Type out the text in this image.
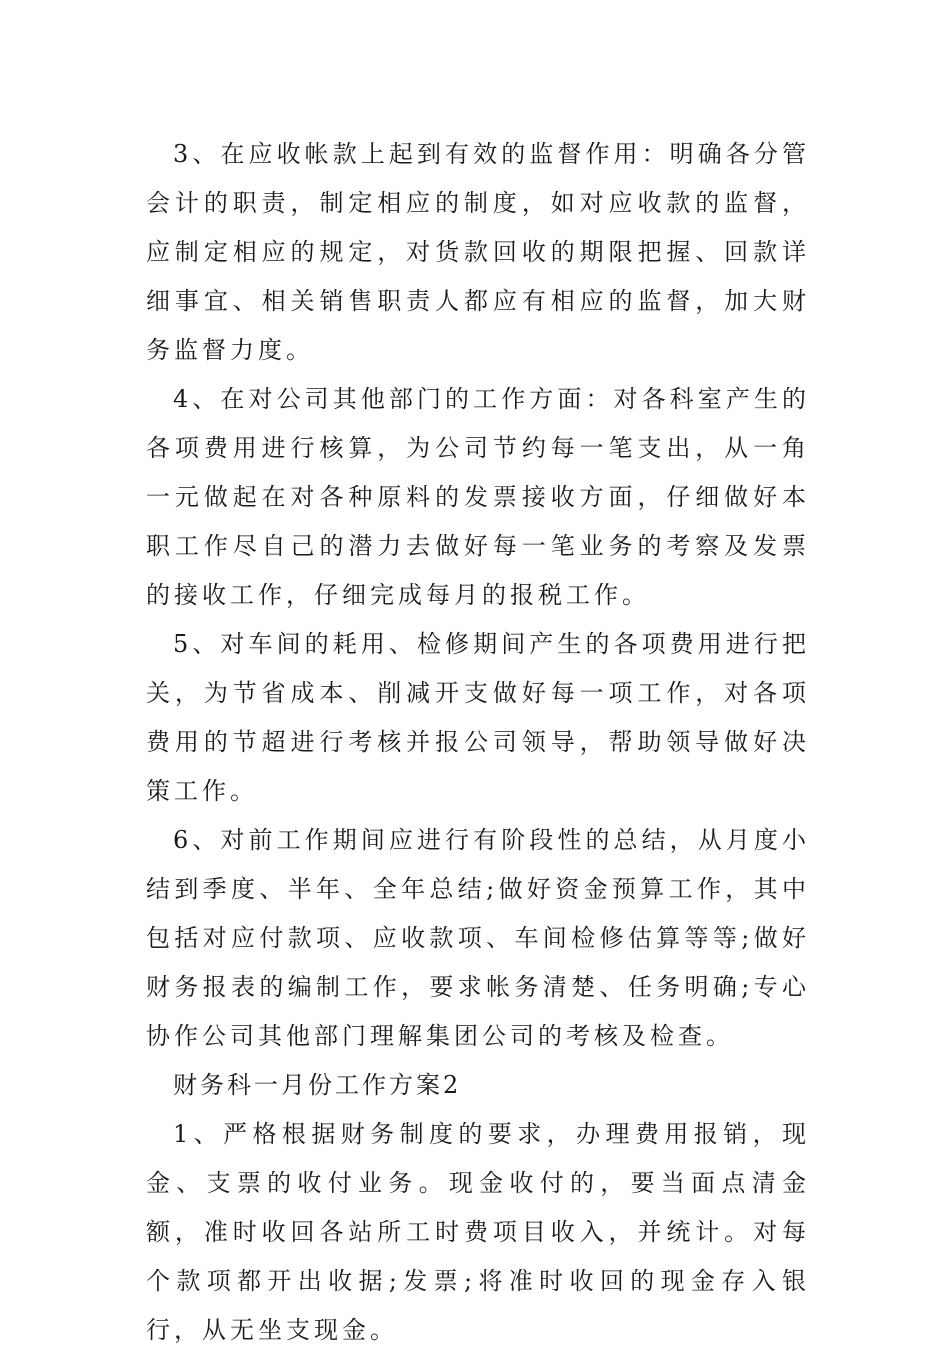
3、在应收帐款上起到有效的监督作用：明确各分管会计的职责，制定相应的制度，如对应收款的监督，应制定相应的规定，对货款回收的期限把握、回款详细事宜、相关销售职责人都应有相应的监督，加大财务监督力度。

4、在对公司其他部门的工作方面：对各科室产生的各项费用进行核算，为公司节约每一笔支出，从一角一元做起在对各种原料的发票接收方面，仔细做好本职工作尽自己的潜力去做好每一笔业务的考察及发票的接收工作，仔细完成每月的报税工作。

5、对车间的耗用、检修期间产生的各项费用进行把关，为节省成本、削减开支做好每一项工作，对各项费用的节超进行考核并报公司领导，帮助领导做好决策工作。

6、对前工作期间应进行有阶段性的总结，从月度小结到季度、半年、全年总结;做好资金预算工作，其中包括对应付款项、应收款项、车间检修估算等等;做好财务报表的编制工作，要求帐务清楚、任务明确;专心协作公司其他部门理解集团公司的考核及检查。

财务科一月份工作方案2

1、严格根据财务制度的要求，办理费用报销，现金、支票的收付业务。现金收付的，要当面点清金额，准时收回各站所工时费项目收入，并统计。对每个款项都开出收据;发票;将准时收回的现金存入银行，从无坐支现金。
